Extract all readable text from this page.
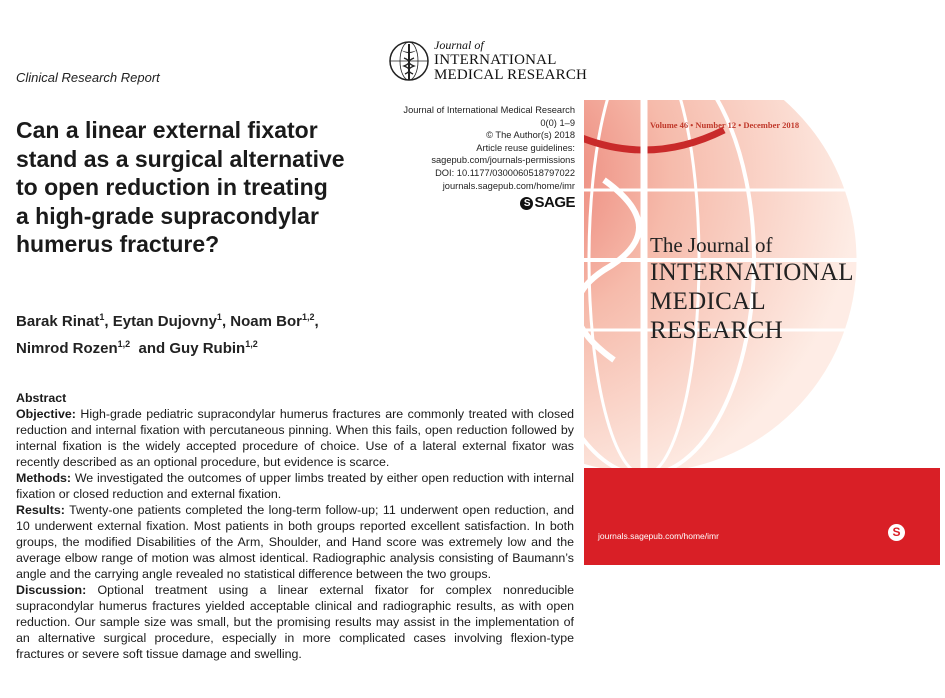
Journal of
INTERNATIONAL
MEDICAL RESEARCH
Clinical Research Report
Journal of International Medical Research
0(0) 1–9
© The Author(s) 2018
Article reuse guidelines:
sagepub.com/journals-permissions
DOI: 10.1177/0300060518797022
journals.sagepub.com/home/imr
S SAGE
Can a linear external fixator
stand as a surgical alternative
to open reduction in treating
a high-grade supracondylar
humerus fracture?
Barak Rinat$^1$, Eytan Dujovny$^1$, Noam Bor$^{1,2}$,
Nimrod Rozen$^{1,2}$  and Guy Rubin$^{1,2}$
Abstract

Objective: High-grade pediatric supracondylar humerus fractures are commonly treated with closed reduction and internal fixation with percutaneous pinning. When this fails, open reduction followed by internal fixation is the widely accepted procedure of choice. Use of a lateral external fixator was recently described as an optional procedure, but evidence is scarce.

Methods: We investigated the outcomes of upper limbs treated by either open reduction with internal fixation or closed reduction and external fixation.

Results: Twenty-one patients completed the long-term follow-up; 11 underwent open reduction, and 10 underwent external fixation. Most patients in both groups reported excellent satisfaction. In both groups, the modified Disabilities of the Arm, Shoulder, and Hand score was extremely low and the average elbow range of motion was almost identical. Radiographic analysis consisting of Baumann’s angle and the carrying angle revealed no statistical difference between the two groups.

Discussion: Optional treatment using a linear external fixator for complex nonreducible supracondylar humerus fractures yielded acceptable clinical and radiographic results, as with open reduction. Our sample size was small, but the promising results may assist in the implementation of an alternative surgical procedure, especially in more complicated cases involving flexion-type fractures or severe soft tissue damage and swelling.

Volume 46 • Number 12 • December 2018
The Journal of
INTERNATIONAL
MEDICAL
RESEARCH
journals.sagepub.com/home/imr	S
